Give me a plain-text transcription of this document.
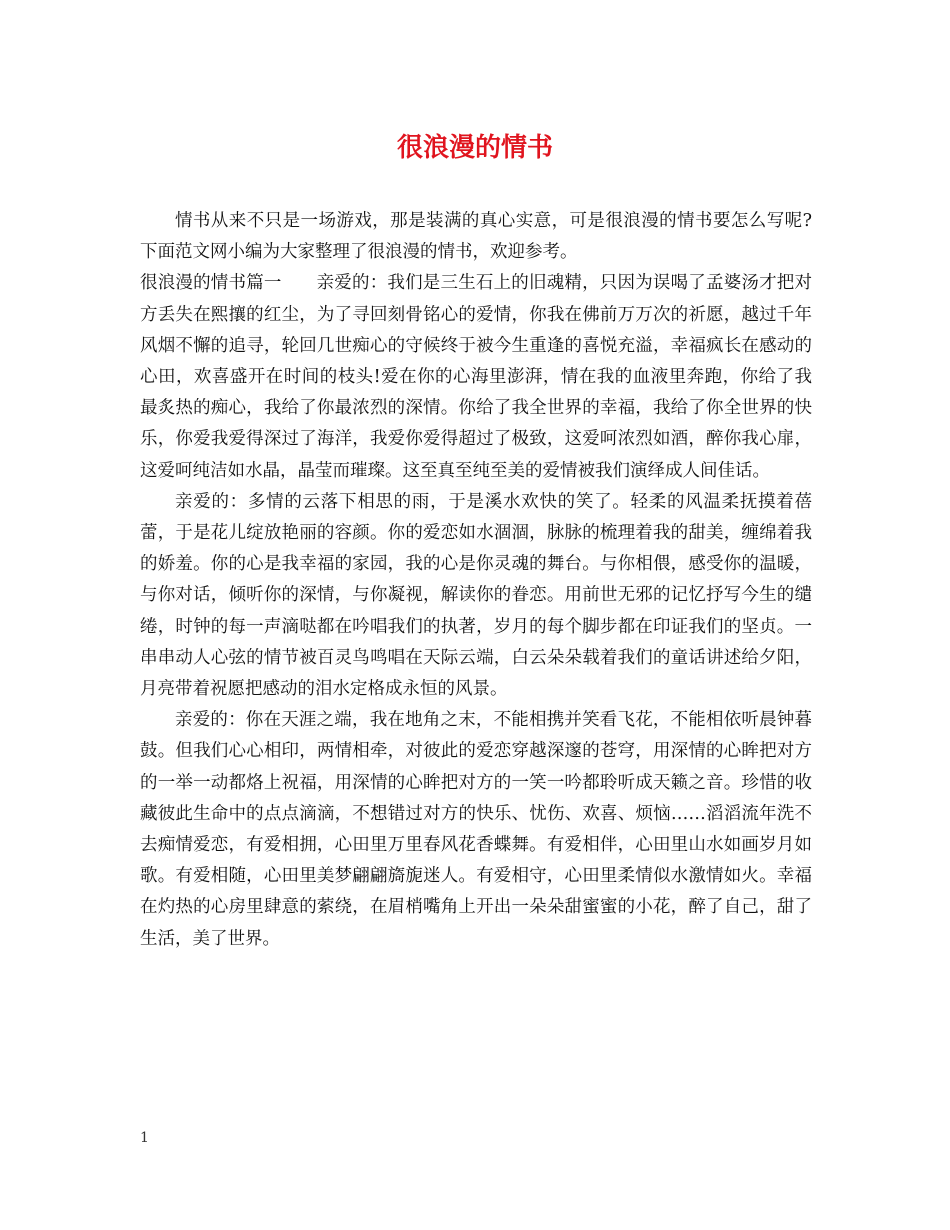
很浪漫的情书

情书从来不只是一场游戏，那是装满的真心实意，可是很浪漫的情书要怎么写呢?下面范文网小编为大家整理了很浪漫的情书，欢迎参考。

很浪漫的情书篇一 亲爱的：我们是三生石上的旧魂精，只因为误喝了孟婆汤才把对方丢失在熙攘的红尘，为了寻回刻骨铭心的爱情，你我在佛前万万次的祈愿，越过千年风烟不懈的追寻，轮回几世痴心的守候终于被今生重逢的喜悦充溢，幸福疯长在感动的心田，欢喜盛开在时间的枝头!爱在你的心海里澎湃，情在我的血液里奔跑，你给了我最炙热的痴心，我给了你最浓烈的深情。你给了我全世界的幸福，我给了你全世界的快乐，你爱我爱得深过了海洋，我爱你爱得超过了极致，这爱呵浓烈如酒，醉你我心扉，这爱呵纯洁如水晶，晶莹而璀璨。这至真至纯至美的爱情被我们演绎成人间佳话。

亲爱的：多情的云落下相思的雨，于是溪水欢快的笑了。轻柔的风温柔抚摸着蓓蕾，于是花儿绽放艳丽的容颜。你的爱恋如水涸涸，脉脉的梳理着我的甜美，缠绵着我的娇羞。你的心是我幸福的家园，我的心是你灵魂的舞台。与你相偎，感受你的温暖，与你对话，倾听你的深情，与你凝视，解读你的眷恋。用前世无邪的记忆抒写今生的缱绻，时钟的每一声滴哒都在吟唱我们的执著，岁月的每个脚步都在印证我们的坚贞。一串串动人心弦的情节被百灵鸟鸣唱在天际云端，白云朵朵载着我们的童话讲述给夕阳，月亮带着祝愿把感动的泪水定格成永恒的风景。

亲爱的：你在天涯之端，我在地角之末，不能相携并笑看飞花，不能相依听晨钟暮鼓。但我们心心相印，两情相牵，对彼此的爱恋穿越深邃的苍穹，用深情的心眸把对方的一举一动都烙上祝福，用深情的心眸把对方的一笑一吟都聆听成天籁之音。珍惜的收藏彼此生命中的点点滴滴，不想错过对方的快乐、忧伤、欢喜、烦恼……滔滔流年洗不去痴情爱恋，有爱相拥，心田里万里春风花香蝶舞。有爱相伴，心田里山水如画岁月如歌。有爱相随，心田里美梦翩翩旖旎迷人。有爱相守，心田里柔情似水激情如火。幸福在灼热的心房里肆意的萦绕，在眉梢嘴角上开出一朵朵甜蜜蜜的小花，醉了自己，甜了生活，美了世界。

1
